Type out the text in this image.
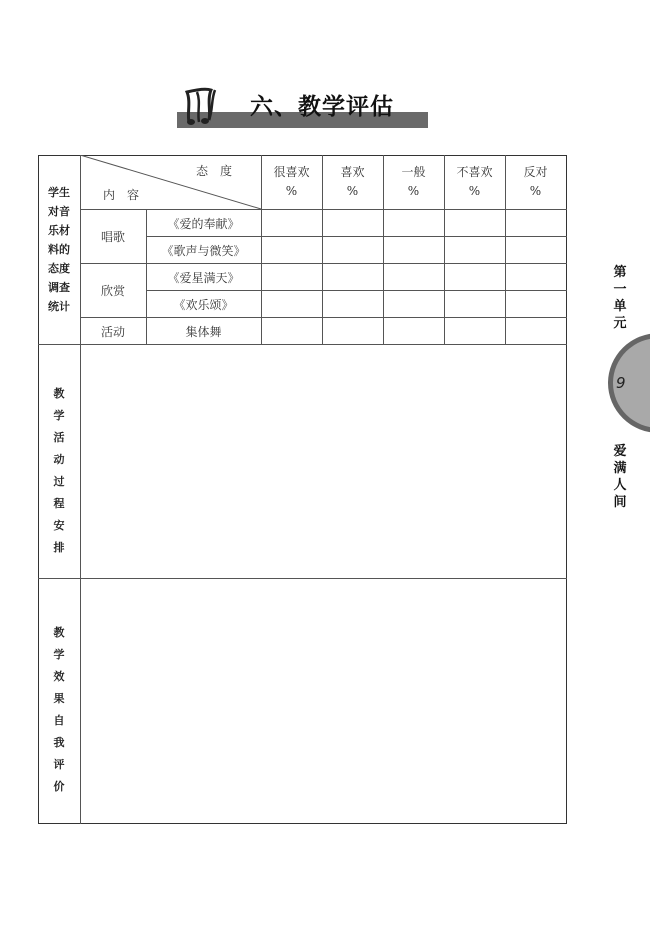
六、教学评估
态　度
内　容
很喜欢
%
喜欢
%
一般
%
不喜欢
%
反对
%
唱歌
《爱的奉献》
《歌声与微笑》
欣赏
《爱星满天》
《欢乐颂》
活动	集体舞
学生
对音
乐材
料的
态度
调查
统计
教
学
活
动
过
程
安
排
教
学
效
果
自
我
评
价
第
一
单
元
9
爱
满
人
间
